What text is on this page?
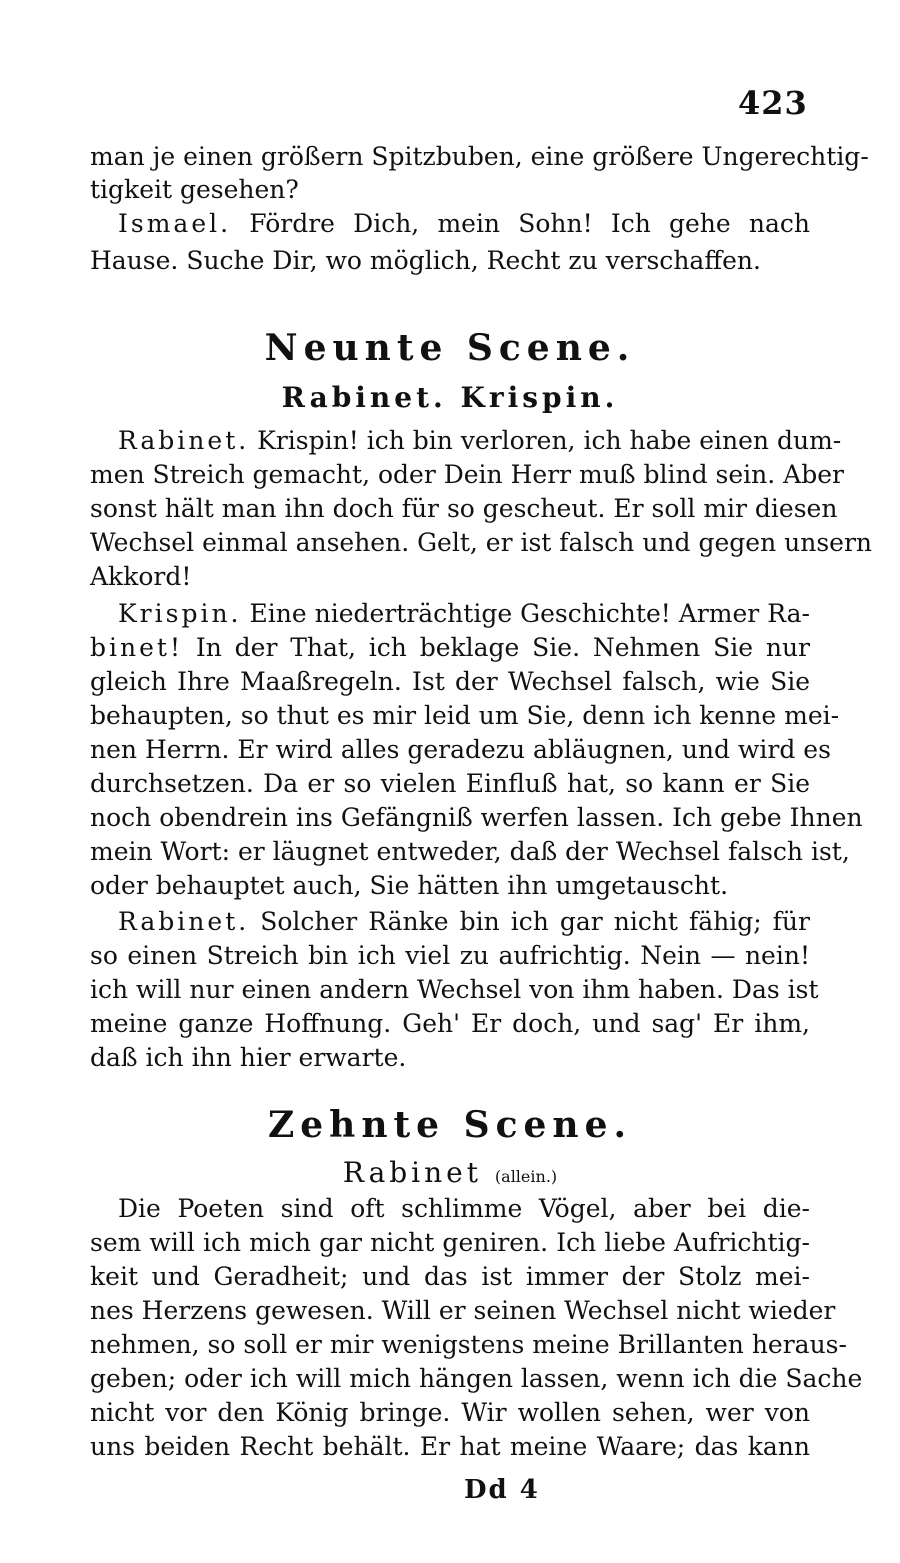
423
man je einen größern Spitzbuben, eine größere Ungerechtig-
tigkeit gesehen?
Ismael. Fördre Dich, mein Sohn! Ich gehe nach
Hause. Suche Dir, wo möglich, Recht zu verschaffen.
Neunte Scene.
Rabinet. Krispin.
Rabinet. Krispin! ich bin verloren, ich habe einen dum-
men Streich gemacht, oder Dein Herr muß blind sein. Aber
sonst hält man ihn doch für so gescheut. Er soll mir diesen
Wechsel einmal ansehen. Gelt, er ist falsch und gegen unsern
Akkord!
Krispin. Eine niederträchtige Geschichte! Armer Ra-
binet! In der That, ich beklage Sie. Nehmen Sie nur
gleich Ihre Maaßregeln. Ist der Wechsel falsch, wie Sie
behaupten, so thut es mir leid um Sie, denn ich kenne mei-
nen Herrn. Er wird alles geradezu abläugnen, und wird es
durchsetzen. Da er so vielen Einfluß hat, so kann er Sie
noch obendrein ins Gefängniß werfen lassen. Ich gebe Ihnen
mein Wort: er läugnet entweder, daß der Wechsel falsch ist,
oder behauptet auch, Sie hätten ihn umgetauscht.
Rabinet. Solcher Ränke bin ich gar nicht fähig; für
so einen Streich bin ich viel zu aufrichtig. Nein — nein!
ich will nur einen andern Wechsel von ihm haben. Das ist
meine ganze Hoffnung. Geh' Er doch, und sag' Er ihm,
daß ich ihn hier erwarte.
Zehnte Scene.
Rabinet (allein.)
Die Poeten sind oft schlimme Vögel, aber bei die-
sem will ich mich gar nicht geniren. Ich liebe Aufrichtig-
keit und Geradheit; und das ist immer der Stolz mei-
nes Herzens gewesen. Will er seinen Wechsel nicht wieder
nehmen, so soll er mir wenigstens meine Brillanten heraus-
geben; oder ich will mich hängen lassen, wenn ich die Sache
nicht vor den König bringe. Wir wollen sehen, wer von
uns beiden Recht behält. Er hat meine Waare; das kann
Dd 4
